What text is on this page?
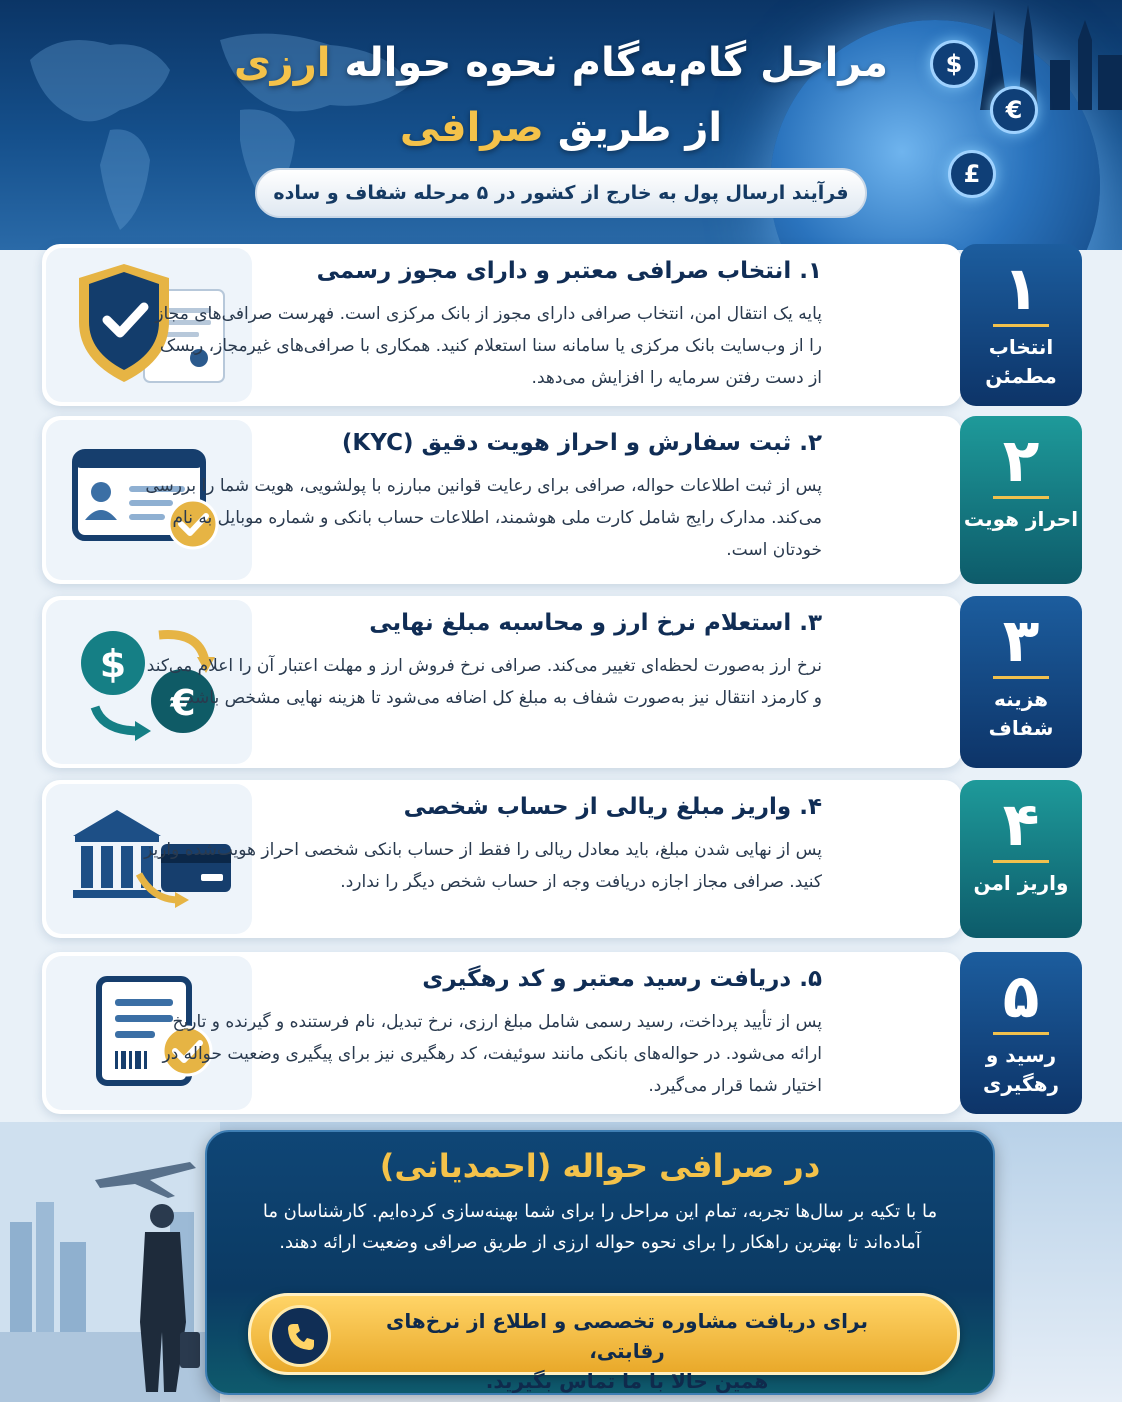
$
€
£
مراحل گام‌به‌گام نحوه حواله ارزی
از طریق صرافی
فرآیند ارسال پول به خارج از کشور در ۵ مرحله شفاف و ساده
۱. انتخاب صرافی معتبر و دارای مجوز رسمی
پایه یک انتقال امن، انتخاب صرافی دارای مجوز از بانک مرکزی است. فهرست صرافی‌های مجاز را از وب‌سایت بانک مرکزی یا سامانه سنا استعلام کنید. همکاری با صرافی‌های غیرمجاز، ریسک از دست رفتن سرمایه را افزایش می‌دهد.
۱
انتخاب مطمئن
۲. ثبت سفارش و احراز هویت دقیق (KYC)
پس از ثبت اطلاعات حواله، صرافی برای رعایت قوانین مبارزه با پولشویی، هویت شما را بررسی می‌کند. مدارک رایج شامل کارت ملی هوشمند، اطلاعات حساب بانکی و شماره موبایل به نام خودتان است.
۲
احراز هویت
$
€
۳. استعلام نرخ ارز و محاسبه مبلغ نهایی
نرخ ارز به‌صورت لحظه‌ای تغییر می‌کند. صرافی نرخ فروش ارز و مهلت اعتبار آن را اعلام می‌کند و کارمزد انتقال نیز به‌صورت شفاف به مبلغ کل اضافه می‌شود تا هزینه نهایی مشخص باشد.
۳
هزینه شفاف
۴. واریز مبلغ ریالی از حساب شخصی
پس از نهایی شدن مبلغ، باید معادل ریالی را فقط از حساب بانکی شخصی احراز هویت‌شده واریز کنید. صرافی مجاز اجازه دریافت وجه از حساب شخص دیگر را ندارد.
۴
واریز امن
۵. دریافت رسید معتبر و کد رهگیری
پس از تأیید پرداخت، رسید رسمی شامل مبلغ ارزی، نرخ تبدیل، نام فرستنده و گیرنده و تاریخ ارائه می‌شود. در حواله‌های بانکی مانند سوئیفت، کد رهگیری نیز برای پیگیری وضعیت حواله در اختیار شما قرار می‌گیرد.
۵
رسید و رهگیری
در صرافی حواله (احمدیانی)
ما با تکیه بر سال‌ها تجربه، تمام این مراحل را برای شما بهینه‌سازی کرده‌ایم. کارشناسان ما آماده‌اند تا بهترین راهکار را برای نحوه حواله ارزی از طریق صرافی وضعیت ارائه دهند.
برای دریافت مشاوره تخصصی و اطلاع از نرخ‌های رقابتی،
همین حالا با ما تماس بگیرید.
